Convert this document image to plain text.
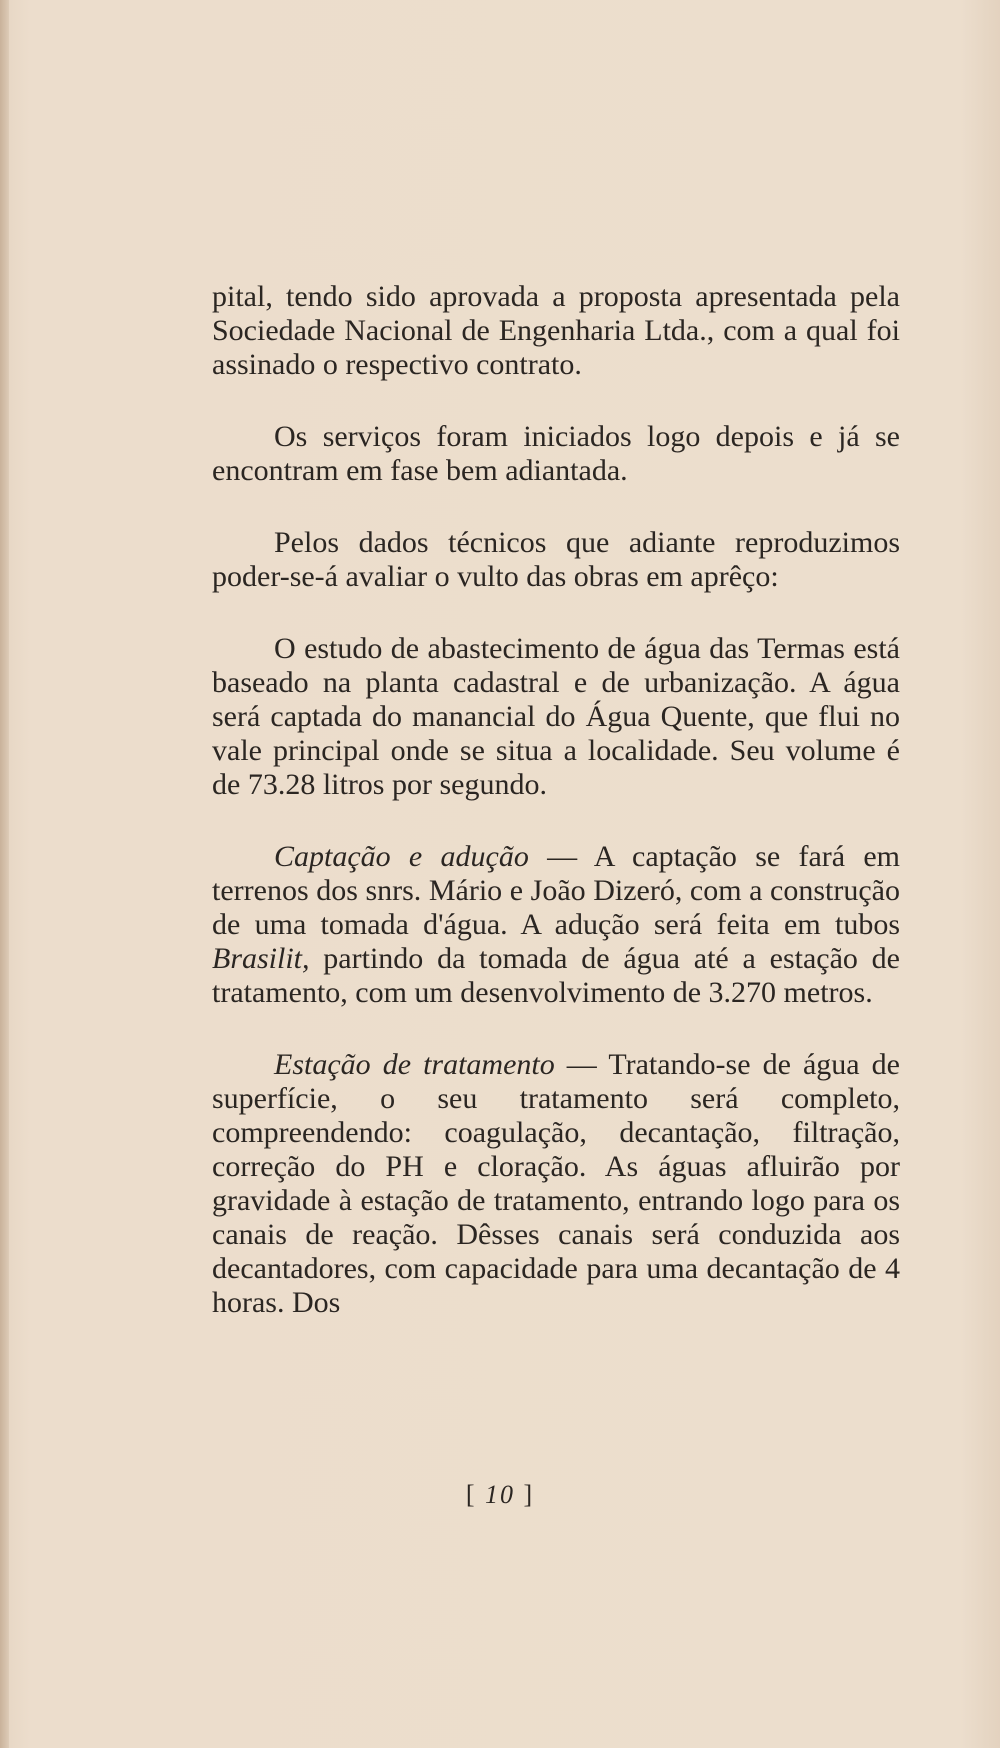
pital, tendo sido aprovada a proposta apresentada pela Sociedade Nacional de Engenharia Ltda., com a qual foi assinado o respectivo contrato.

Os serviços foram iniciados logo depois e já se encontram em fase bem adiantada.

Pelos dados técnicos que adiante reproduzimos poder-se-á avaliar o vulto das obras em aprêço:

O estudo de abastecimento de água das Termas está baseado na planta cadastral e de urbanização. A água será captada do manancial do Água Quente, que flui no vale principal onde se situa a localidade. Seu volume é de 73.28 litros por segundo.

Captação e adução — A captação se fará em terrenos dos snrs. Mário e João Dizeró, com a construção de uma tomada d'água. A adução será feita em tubos Brasilit, partindo da tomada de água até a estação de tratamento, com um desenvolvimento de 3.270 metros.

Estação de tratamento — Tratando-se de água de superfície, o seu tratamento será completo, compreendendo: coagulação, decantação, filtração, correção do PH e cloração. As águas afluirão por gravidade à estação de tratamento, entrando logo para os canais de reação. Dêsses canais será conduzida aos decantadores, com capacidade para uma decantação de 4 horas. Dos

[ 10 ]
